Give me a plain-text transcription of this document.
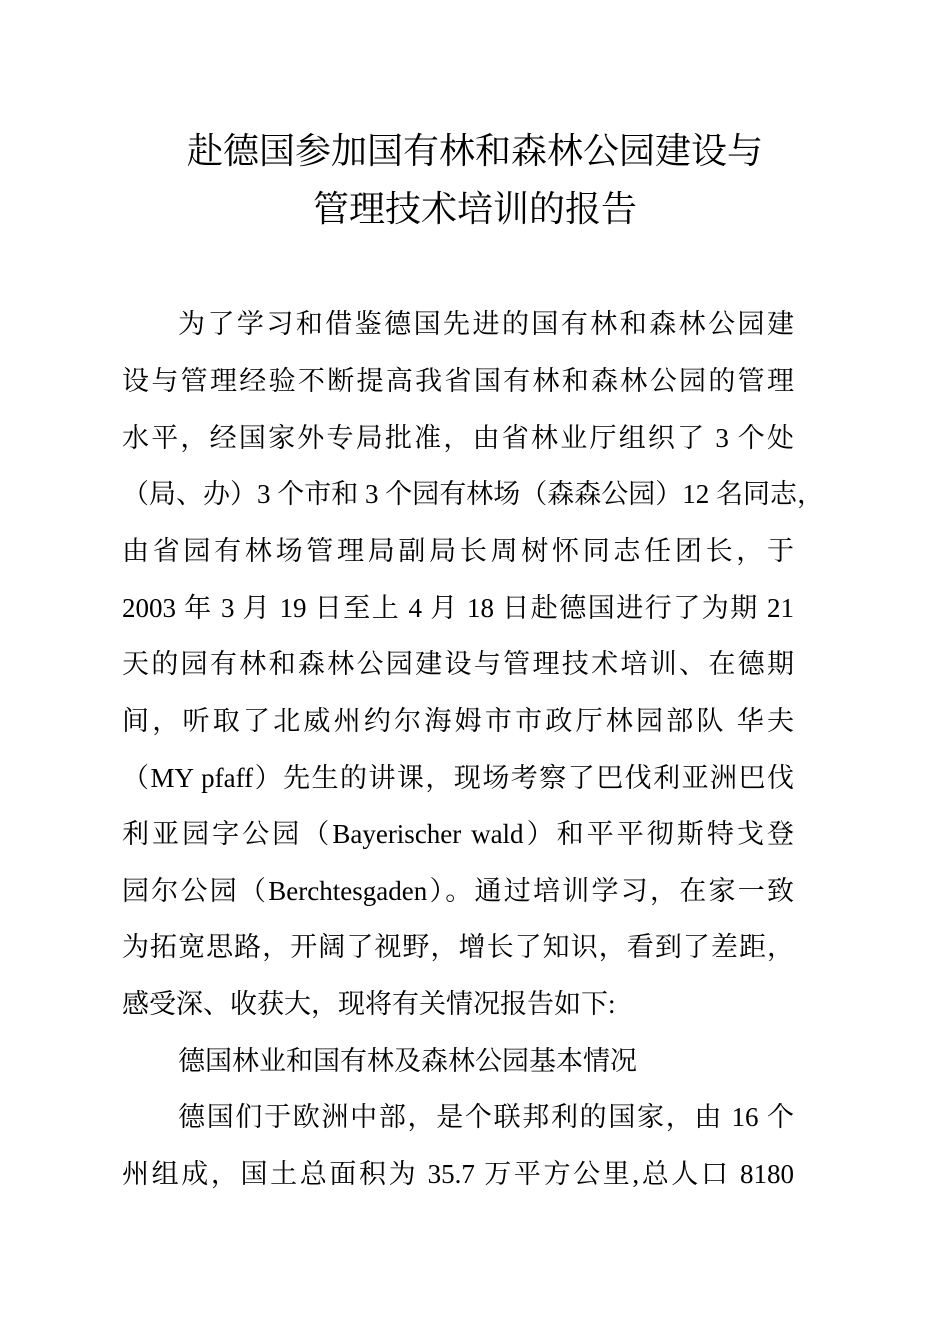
赴德国参加国有林和森林公园建设与
管理技术培训的报告
为了学习和借鉴德国先进的国有林和森林公园建
设与管理经验不断提高我省国有林和森林公园的管理
水平，经国家外专局批准，由省林业厅组织了 3 个处
（局、办）3 个市和 3 个园有林场（森森公园）12 名同志，
由省园有林场管理局副局长周树怀同志任团长，于
2003 年 3 月 19 日至上 4 月 18 日赴德国进行了为期 21
天的园有林和森林公园建设与管理技术培训、在德期
间，听取了北威州约尔海姆市市政厅林园部队 华夫
（MY pfaff）先生的讲课，现场考察了巴伐利亚洲巴伐
利亚园字公园（Bayerischer wald）和平平彻斯特戈登
园尔公园（Berchtesgaden）。通过培训学习，在家一致
为拓宽思路，开阔了视野，增长了知识，看到了差距，
感受深、收获大，现将有关情况报告如下:
德国林业和国有林及森林公园基本情况
德国们于欧洲中部，是个联邦利的国家，由 16 个
州组成，国土总面积为 35.7 万平方公里,总人口 8180
